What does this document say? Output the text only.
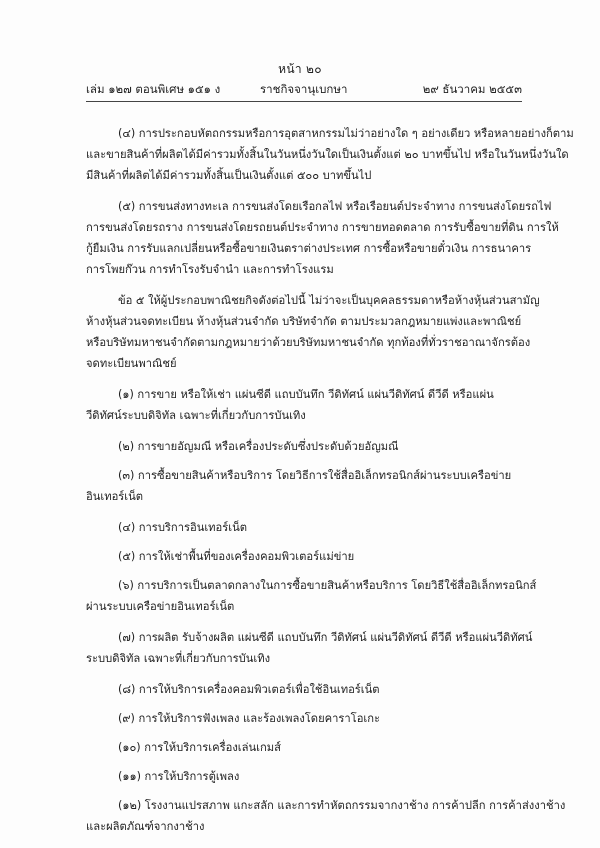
หน้า ๒๐
เล่ม ๑๒๗ ตอนพิเศษ ๑๕๑ ง	ราชกิจจานุเบกษา	๒๙ ธันวาคม ๒๕๕๓

(๔) การประกอบหัตถกรรมหรือการอุตสาหกรรมไม่ว่าอย่างใด ๆ อย่างเดียว หรือหลายอย่างก็ตาม
และขายสินค้าที่ผลิตได้มีค่ารวมทั้งสิ้นในวันหนึ่งวันใดเป็นเงินตั้งแต่ ๒๐ บาทขึ้นไป หรือในวันหนึ่งวันใด
มีสินค้าที่ผลิตได้มีค่ารวมทั้งสิ้นเป็นเงินตั้งแต่ ๕๐๐ บาทขึ้นไป

(๕) การขนส่งทางทะเล การขนส่งโดยเรือกลไฟ หรือเรือยนต์ประจำทาง การขนส่งโดยรถไฟ
การขนส่งโดยรถราง การขนส่งโดยรถยนต์ประจำทาง การขายทอดตลาด การรับซื้อขายที่ดิน การให้
กู้ยืมเงิน การรับแลกเปลี่ยนหรือซื้อขายเงินตราต่างประเทศ การซื้อหรือขายตั๋วเงิน การธนาคาร
การโพยก๊วน การทำโรงรับจำนำ และการทำโรงแรม

ข้อ ๕ ให้ผู้ประกอบพาณิชยกิจดังต่อไปนี้ ไม่ว่าจะเป็นบุคคลธรรมดาหรือห้างหุ้นส่วนสามัญ
ห้างหุ้นส่วนจดทะเบียน ห้างหุ้นส่วนจำกัด บริษัทจำกัด ตามประมวลกฎหมายแพ่งและพาณิชย์
หรือบริษัทมหาชนจำกัดตามกฎหมายว่าด้วยบริษัทมหาชนจำกัด ทุกท้องที่ทั่วราชอาณาจักรต้อง
จดทะเบียนพาณิชย์

(๑) การขาย หรือให้เช่า แผ่นซีดี แถบบันทึก วีดิทัศน์ แผ่นวีดิทัศน์ ดีวีดี หรือแผ่น
วีดิทัศน์ระบบดิจิทัล เฉพาะที่เกี่ยวกับการบันเทิง

(๒) การขายอัญมณี หรือเครื่องประดับซึ่งประดับด้วยอัญมณี

(๓) การซื้อขายสินค้าหรือบริการ โดยวิธีการใช้สื่ออิเล็กทรอนิกส์ผ่านระบบเครือข่าย
อินเทอร์เน็ต

(๔) การบริการอินเทอร์เน็ต

(๕) การให้เช่าพื้นที่ของเครื่องคอมพิวเตอร์แม่ข่าย

(๖) การบริการเป็นตลาดกลางในการซื้อขายสินค้าหรือบริการ โดยวิธีใช้สื่ออิเล็กทรอนิกส์
ผ่านระบบเครือข่ายอินเทอร์เน็ต

(๗) การผลิต รับจ้างผลิต แผ่นซีดี แถบบันทึก วีดิทัศน์ แผ่นวีดิทัศน์ ดีวีดี หรือแผ่นวีดิทัศน์
ระบบดิจิทัล เฉพาะที่เกี่ยวกับการบันเทิง

(๘) การให้บริการเครื่องคอมพิวเตอร์เพื่อใช้อินเทอร์เน็ต

(๙) การให้บริการฟังเพลง และร้องเพลงโดยคาราโอเกะ

(๑๐) การให้บริการเครื่องเล่นเกมส์

(๑๑) การให้บริการตู้เพลง

(๑๒) โรงงานแปรสภาพ แกะสลัก และการทำหัตถกรรมจากงาช้าง การค้าปลีก การค้าส่งงาช้าง
และผลิตภัณฑ์จากงาช้าง
